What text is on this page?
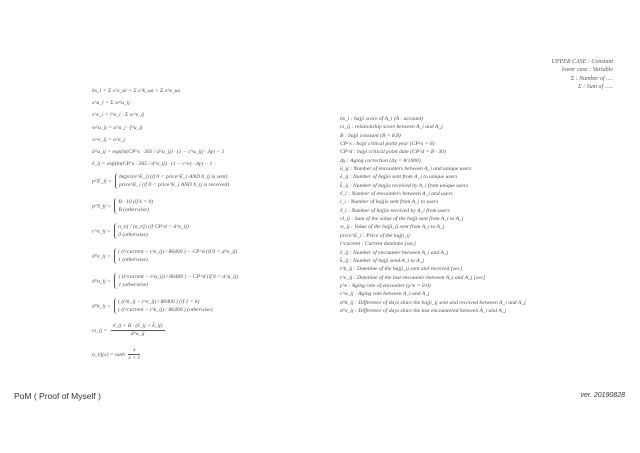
UPPER CASE : Constant
lower case : Variable
Σ : Number of ….
Σ : Sum of …..
bs_i = Σ s^x_ui + Σ s^k_ua + Σ s^e_ua
s^u_i = Σ w^u_ij
s^e_i = l^e_i · Σ w^e_ij
w^u_ij = a^u_j · f^u_ij
w^e_ij = a^e_j
ã^u_ij = exp(ln(CP^s · 365 / d^u_ij) · (1 − c^u_ij) · Δγ) − 1
ẽ_ij = exp(ln(CP^s · 365 / d^e_ij) · (1 − c^e) · Δγ) − 1
p^E_ij =
ln(price^E_i) (if 0 < price^E_i AND b_ij is sent)
price^E_i (if 0 < price^E_i AND b_ij is received)
p^S_ij =
B · 10 (if k = 0)
B (otherwise)
c^u_ij =
n_t/j / (n_t/j) (if CP^d < d^e_ij)
0 (otherwise)
d^e_ij =
( (t^current − t^e_ij) / 86400 ) − CP^d (if 0 < d^e_ij)
1 (otherwise)
d^u_ij =
( (t^current − t^u_ij) / 86400 ) − CP^d (if 0 < d^u_ij)
1 (otherwise)
d^k_ij =
( (t^k_ij − t^e_ij) / 86400 ) (if 1 < k)
( (t^current − t^k_ij) / 86400 ) (otherwise)
rs_ij = $\frac{\text{ẽ\_ij + B · (ẽ\_ij + k̃\_ij)}}{d\^{}u\_ij}$
n_t/j(x) = $\tanh \frac{x}{x + 1}$
bs_i : bajji score of A_i (A : account)
rs_ij : relationship score between A_i and A_j
B : bajji constant (B = 8.8)
CP^s : bajji critical point year (CP^s = 8)
CP^d : bajji critical point date (CP^d = B · 30)
Δγ : Aging correction (Δγ = 8/1000)
ũ_ij : Number of encounters between A_i and unique users
ẽ_ij : Number of bajjis sent from A_i to unique users
k̃_ij : Number of bajjis received by A_i from unique users
ℓ_i : Number of encounters between A_i and users
l_i : Number of bajjis sent from A_i to users
ℓ_i : Number of bajjis received by A_i from users
vl_ij : Sum of the value of the bajji sent from A_i to A_j
w_ij : Value of the bajji_ij sent from A_i to A_j
price^E_i : Price of the bajji_ij
t^current : Current datetime [sec]
ẽ_ij : Number of encounter between A_i and A_j
k̃_ij : Number of bajji send A_i to A_j
t^k_ij : Datetime of the bajji_ij sent and received [sec]
t^e_ij : Datetime of the last encounter between A_i and A_j [sec]
γ^e : Aging rate of encounter (γ^e = 0.0)
c^u_ij : Aging rate between A_i and A_j
d^k_ij : Difference of days since the bajji_ij sent and received between A_i and A_j
d^e_ij : Difference of days since the last encountered between A_i and A_j
PoM ( Proof of Myself )	ver. 20190828
